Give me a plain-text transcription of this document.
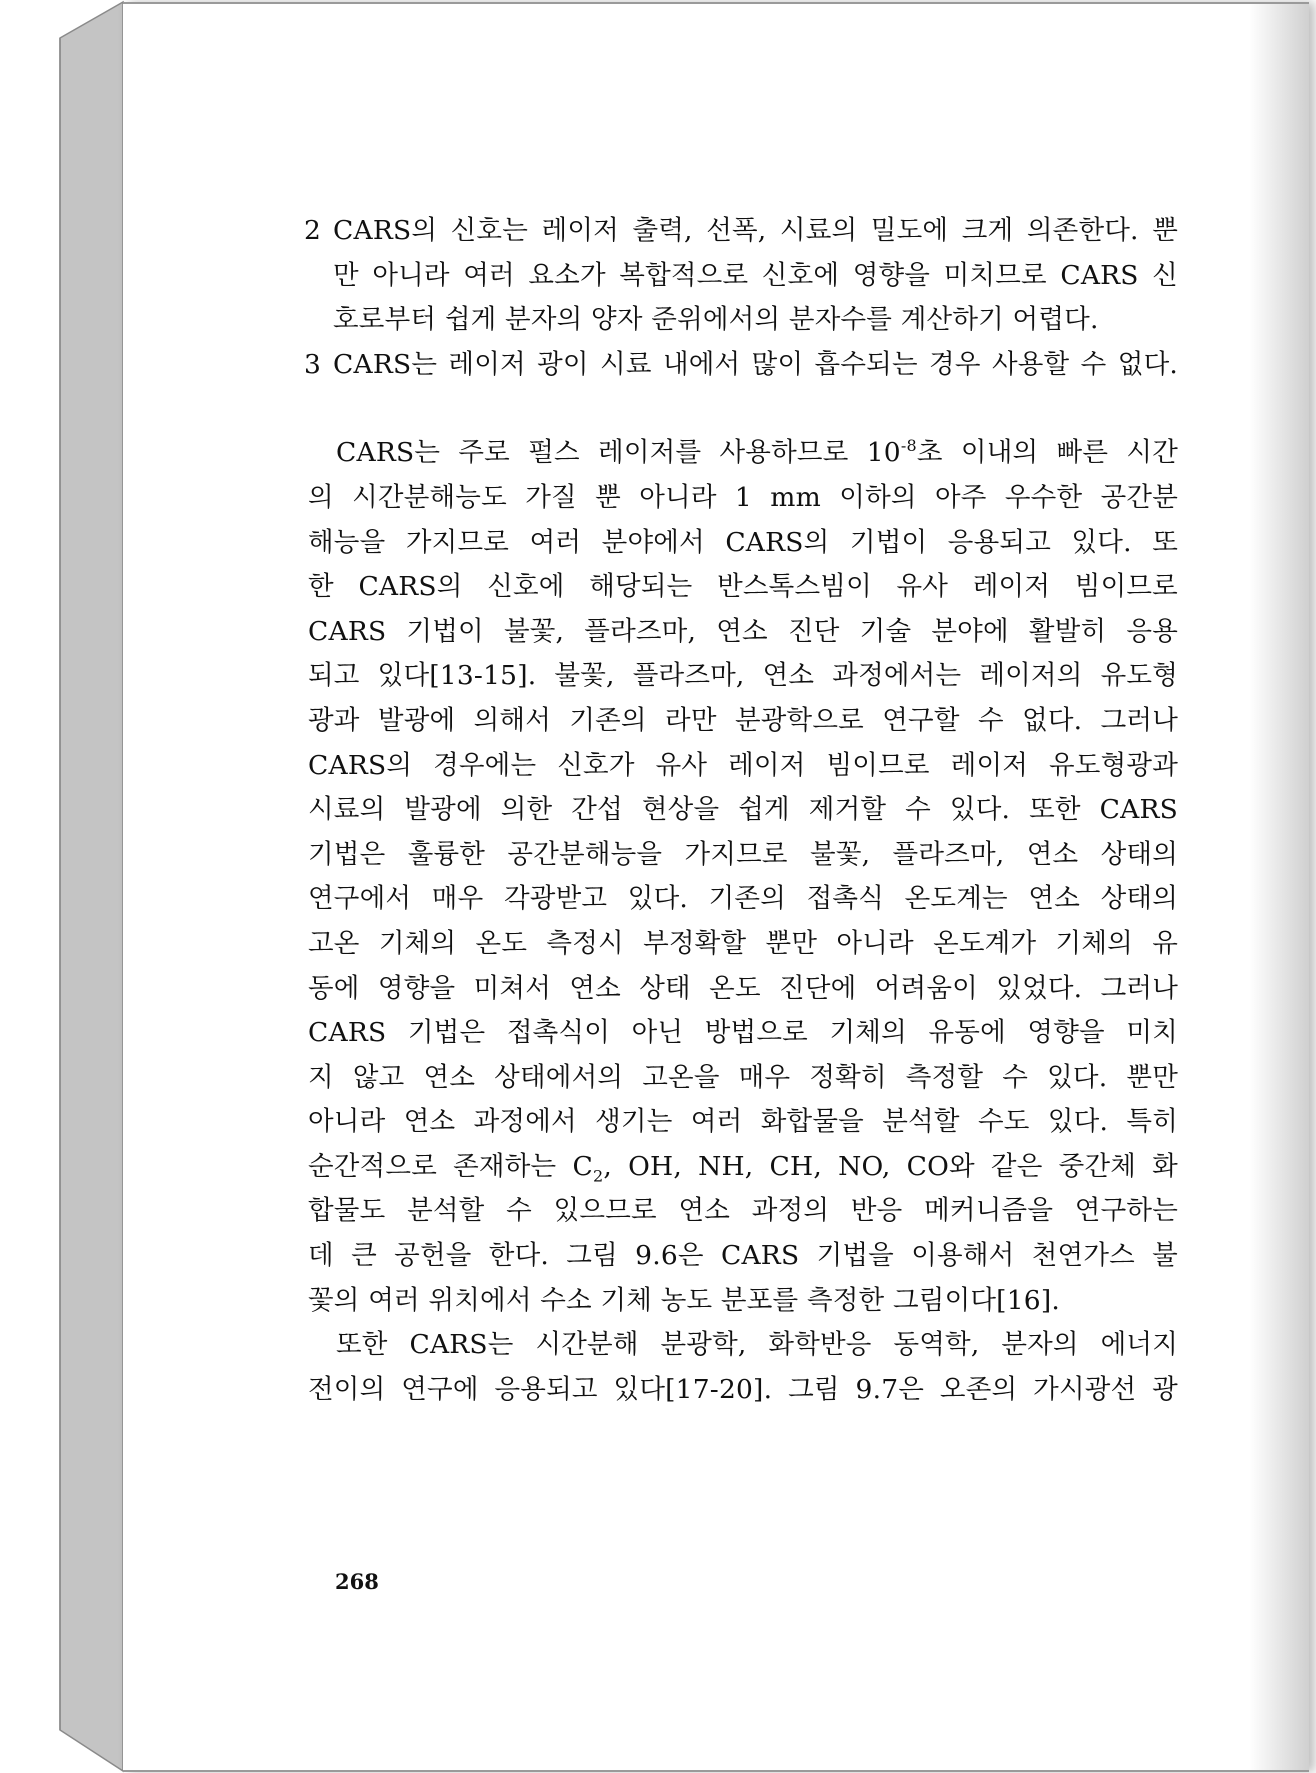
2 CARS의 신호는 레이저 출력, 선폭, 시료의 밀도에 크게 의존한다. 뿐
만 아니라 여러 요소가 복합적으로 신호에 영향을 미치므로 CARS 신
호로부터 쉽게 분자의 양자 준위에서의 분자수를 계산하기 어렵다.
3 CARS는 레이저 광이 시료 내에서 많이 흡수되는 경우 사용할 수 없다.
CARS는 주로 펄스 레이저를 사용하므로 $10^{-8}$초 이내의 빠른 시간
의 시간분해능도 가질 뿐 아니라 1 mm 이하의 아주 우수한 공간분
해능을 가지므로 여러 분야에서 CARS의 기법이 응용되고 있다. 또
한 CARS의 신호에 해당되는 반스톡스빔이 유사 레이저 빔이므로
CARS 기법이 불꽃, 플라즈마, 연소 진단 기술 분야에 활발히 응용
되고 있다[13-15]. 불꽃, 플라즈마, 연소 과정에서는 레이저의 유도형
광과 발광에 의해서 기존의 라만 분광학으로 연구할 수 없다. 그러나
CARS의 경우에는 신호가 유사 레이저 빔이므로 레이저 유도형광과
시료의 발광에 의한 간섭 현상을 쉽게 제거할 수 있다. 또한 CARS
기법은 훌륭한 공간분해능을 가지므로 불꽃, 플라즈마, 연소 상태의
연구에서 매우 각광받고 있다. 기존의 접촉식 온도계는 연소 상태의
고온 기체의 온도 측정시 부정확할 뿐만 아니라 온도계가 기체의 유
동에 영향을 미쳐서 연소 상태 온도 진단에 어려움이 있었다. 그러나
CARS 기법은 접촉식이 아닌 방법으로 기체의 유동에 영향을 미치
지 않고 연소 상태에서의 고온을 매우 정확히 측정할 수 있다. 뿐만
아니라 연소 과정에서 생기는 여러 화합물을 분석할 수도 있다. 특히
순간적으로 존재하는 $C_2$, OH, NH, CH, NO, CO와 같은 중간체 화
합물도 분석할 수 있으므로 연소 과정의 반응 메커니즘을 연구하는
데 큰 공헌을 한다. 그림 9.6은 CARS 기법을 이용해서 천연가스 불
꽃의 여러 위치에서 수소 기체 농도 분포를 측정한 그림이다[16].
또한 CARS는 시간분해 분광학, 화학반응 동역학, 분자의 에너지
전이의 연구에 응용되고 있다[17-20]. 그림 9.7은 오존의 가시광선 광
268
